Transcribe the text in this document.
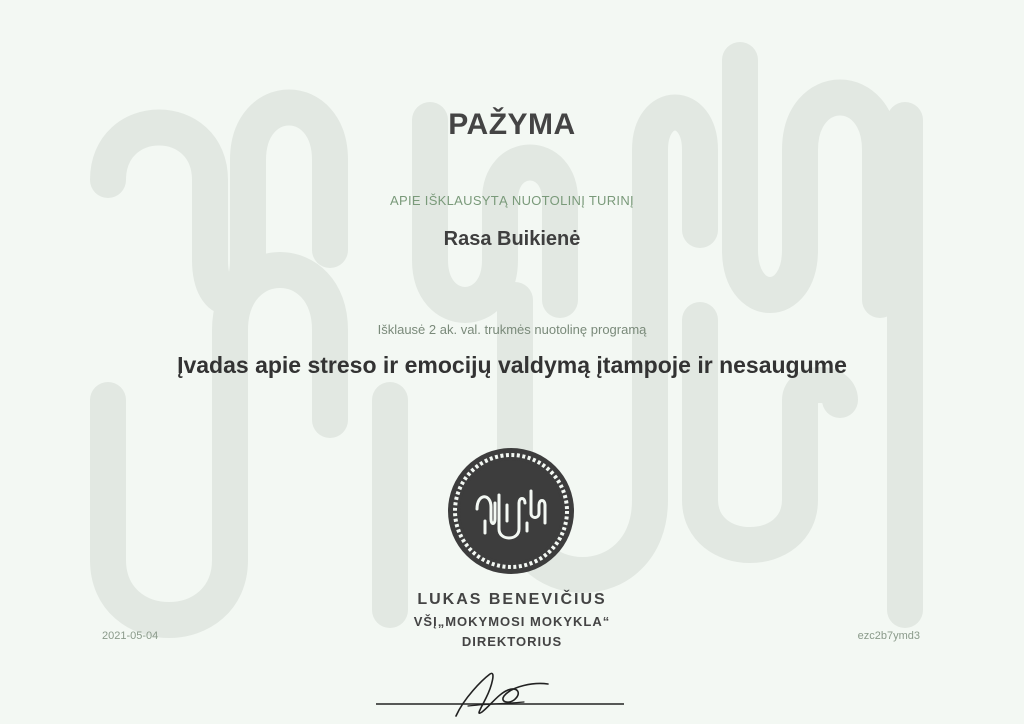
PAŽYMA
APIE IŠKLAUSYTĄ NUOTOLINĮ TURINĮ
Rasa Buikienė
Išklausė 2 ak. val. trukmės nuotolinę programą
Įvadas apie streso ir emocijų valdymą įtampoje ir nesaugume
LUKAS BENEVIČIUS
VŠĮ„MOKYMOSI MOKYKLA“
DIREKTORIUS
2021-05-04	ezc2b7ymd3
